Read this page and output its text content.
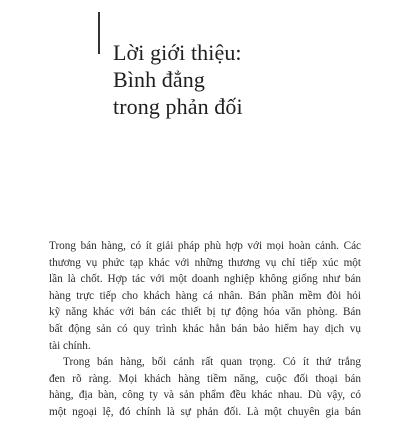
Lời giới thiệu:
Bình đẳng
trong phản đối

Trong bán hàng, có ít giải pháp phù hợp với mọi hoàn cảnh. Các
thương vụ phức tạp khác với những thương vụ chỉ tiếp xúc một
lần là chốt. Hợp tác với một doanh nghiệp không giống như bán
hàng trực tiếp cho khách hàng cá nhân. Bán phần mềm đòi hỏi
kỹ năng khác với bán các thiết bị tự động hóa văn phòng. Bán
bất động sản có quy trình khác hẳn bán bảo hiểm hay dịch vụ
tài chính.

Trong bán hàng, bối cảnh rất quan trọng. Có ít thứ trắng
đen rõ ràng. Mọi khách hàng tiềm năng, cuộc đối thoại bán
hàng, địa bàn, công ty và sản phẩm đều khác nhau. Dù vậy, có
một ngoại lệ, đó chính là sự phản đối. Là một chuyên gia bán
